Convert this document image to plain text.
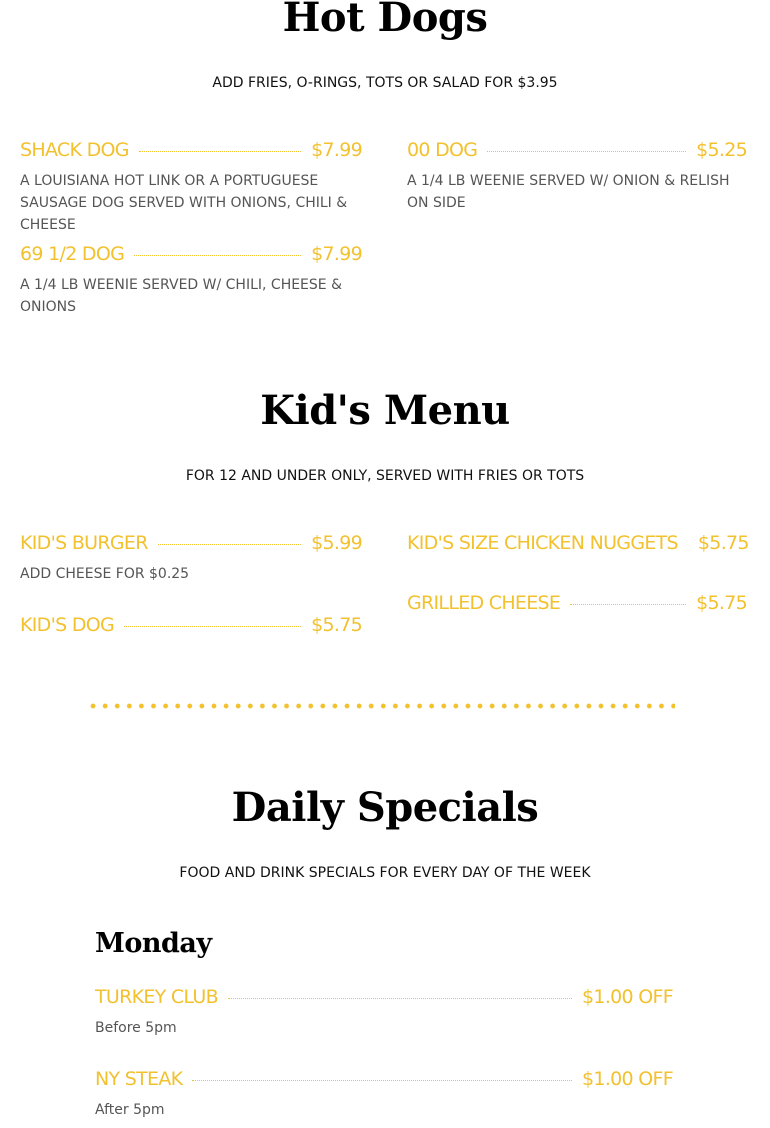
Hot Dogs
ADD FRIES, O-RINGS, TOTS OR SALAD FOR $3.95
SHACK DOG	$7.99
A LOUISIANA HOT LINK OR A PORTUGUESE SAUSAGE DOG SERVED WITH ONIONS, CHILI & CHEESE
00 DOG	$5.25
A 1/4 LB WEENIE SERVED W/ ONION & RELISH ON SIDE
69 1/2 DOG	$7.99
A 1/4 LB WEENIE SERVED W/ CHILI, CHEESE & ONIONS
Kid's Menu
FOR 12 AND UNDER ONLY, SERVED WITH FRIES OR TOTS
KID'S BURGER	$5.99
ADD CHEESE FOR $0.25
KID'S SIZE CHICKEN NUGGETS $5.75
KID'S DOG	$5.75
GRILLED CHEESE	$5.75
Daily Specials
FOOD AND DRINK SPECIALS FOR EVERY DAY OF THE WEEK
Monday
TURKEY CLUB	$1.00 OFF
Before 5pm
NY STEAK	$1.00 OFF
After 5pm
